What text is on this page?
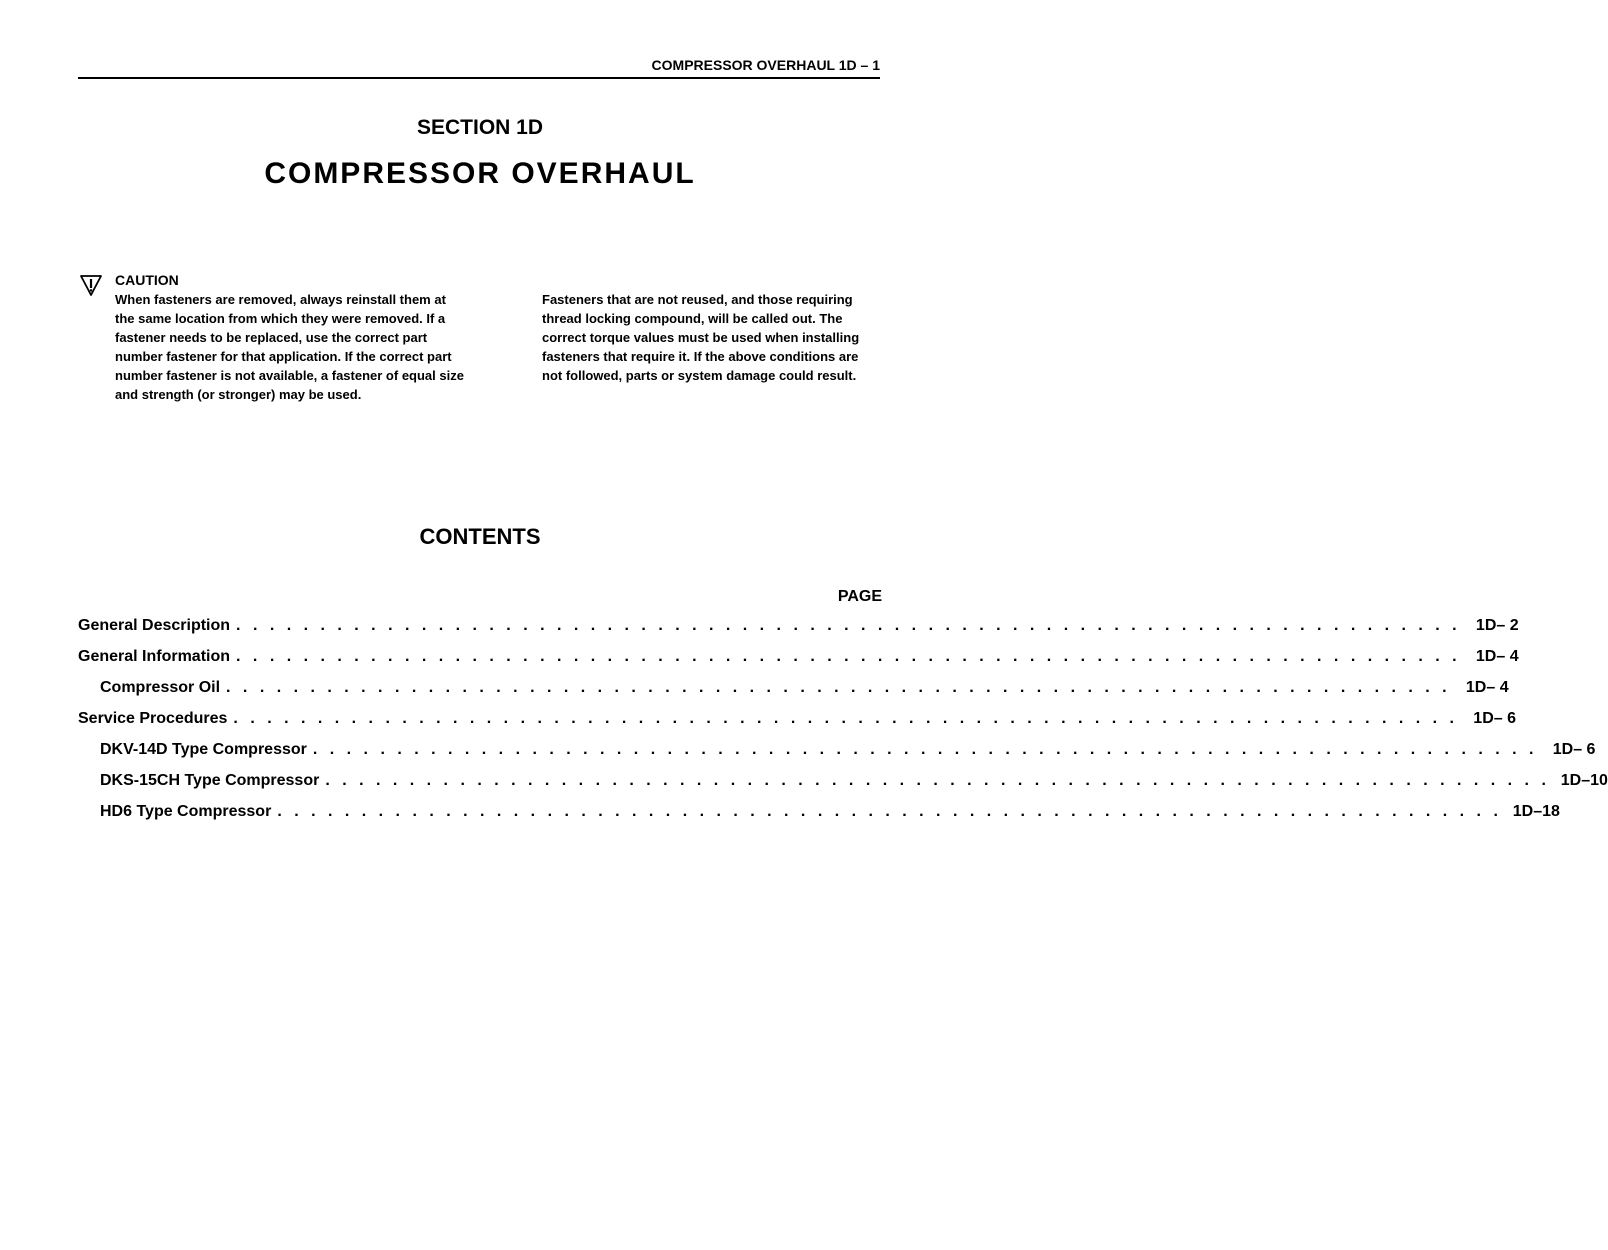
COMPRESSOR OVERHAUL 1D – 1
SECTION 1D
COMPRESSOR OVERHAUL
CAUTION

When fasteners are removed, always reinstall them at the same location from which they were removed. If a fastener needs to be replaced, use the correct part number fastener for that application. If the correct part number fastener is not available, a fastener of equal size and strength (or stronger) may be used.

Fasteners that are not reused, and those requiring thread locking compound, will be called out. The correct torque values must be used when installing fasteners that require it. If the above conditions are not followed, parts or system damage could result.

CONTENTS
PAGE
General Description . . . . . . . . . . . . . . . . . . . . . . . . . . . . . . . . . . . . . . . . . . . . . . . . . . . . . . . . . . . . . . . . . . . . . . . . . 1D– 2
General Information . . . . . . . . . . . . . . . . . . . . . . . . . . . . . . . . . . . . . . . . . . . . . . . . . . . . . . . . . . . . . . . . . . . . . . . . . 1D– 4
Compressor Oil . . . . . . . . . . . . . . . . . . . . . . . . . . . . . . . . . . . . . . . . . . . . . . . . . . . . . . . . . . . . . . . . . . . . . . . . . 1D– 4
Service Procedures . . . . . . . . . . . . . . . . . . . . . . . . . . . . . . . . . . . . . . . . . . . . . . . . . . . . . . . . . . . . . . . . . . . . . . . . . 1D– 6
DKV-14D Type Compressor . . . . . . . . . . . . . . . . . . . . . . . . . . . . . . . . . . . . . . . . . . . . . . . . . . . . . . . . . . . . . . . . . . . . . . . . . 1D– 6
DKS-15CH Type Compressor . . . . . . . . . . . . . . . . . . . . . . . . . . . . . . . . . . . . . . . . . . . . . . . . . . . . . . . . . . . . . . . . . . . . . . . . . 1D–10
HD6 Type Compressor . . . . . . . . . . . . . . . . . . . . . . . . . . . . . . . . . . . . . . . . . . . . . . . . . . . . . . . . . . . . . . . . . . . . . . . . . 1D–18
